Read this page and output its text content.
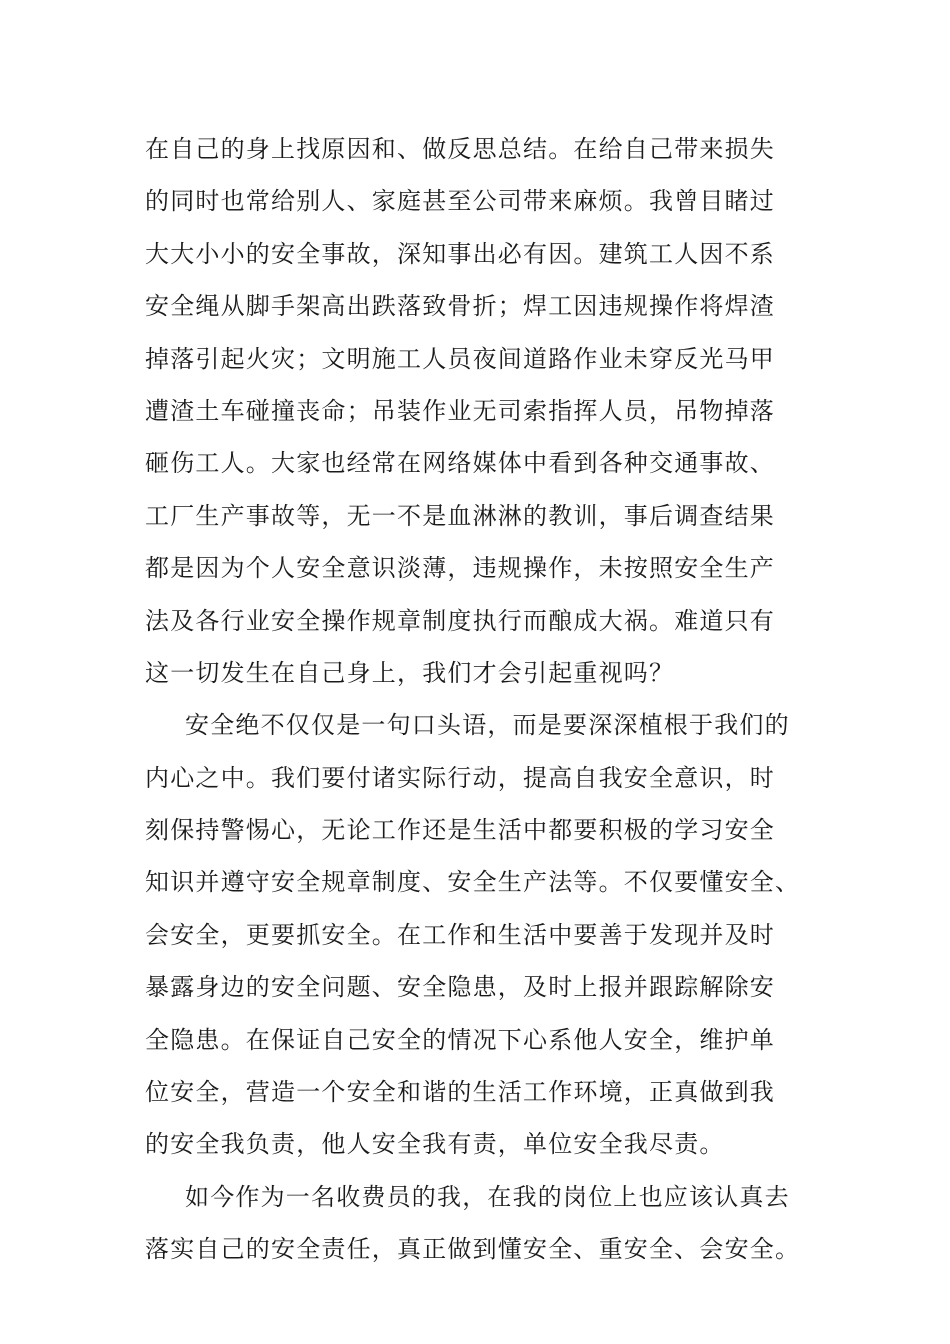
在自己的身上找原因和、做反思总结。在给自己带来损失
的同时也常给别人、家庭甚至公司带来麻烦。我曾目睹过
大大小小的安全事故，深知事出必有因。建筑工人因不系
安全绳从脚手架高出跌落致骨折；焊工因违规操作将焊渣
掉落引起火灾；文明施工人员夜间道路作业未穿反光马甲
遭渣土车碰撞丧命；吊装作业无司索指挥人员，吊物掉落
砸伤工人。大家也经常在网络媒体中看到各种交通事故、
工厂生产事故等，无一不是血淋淋的教训，事后调查结果
都是因为个人安全意识淡薄，违规操作，未按照安全生产
法及各行业安全操作规章制度执行而酿成大祸。难道只有
这一切发生在自己身上，我们才会引起重视吗？
安全绝不仅仅是一句口头语，而是要深深植根于我们的
内心之中。我们要付诸实际行动，提高自我安全意识，时
刻保持警惕心，无论工作还是生活中都要积极的学习安全
知识并遵守安全规章制度、安全生产法等。不仅要懂安全、
会安全，更要抓安全。在工作和生活中要善于发现并及时
暴露身边的安全问题、安全隐患，及时上报并跟踪解除安
全隐患。在保证自己安全的情况下心系他人安全，维护单
位安全，营造一个安全和谐的生活工作环境，正真做到我
的安全我负责，他人安全我有责，单位安全我尽责。
如今作为一名收费员的我，在我的岗位上也应该认真去
落实自己的安全责任，真正做到懂安全、重安全、会安全。
